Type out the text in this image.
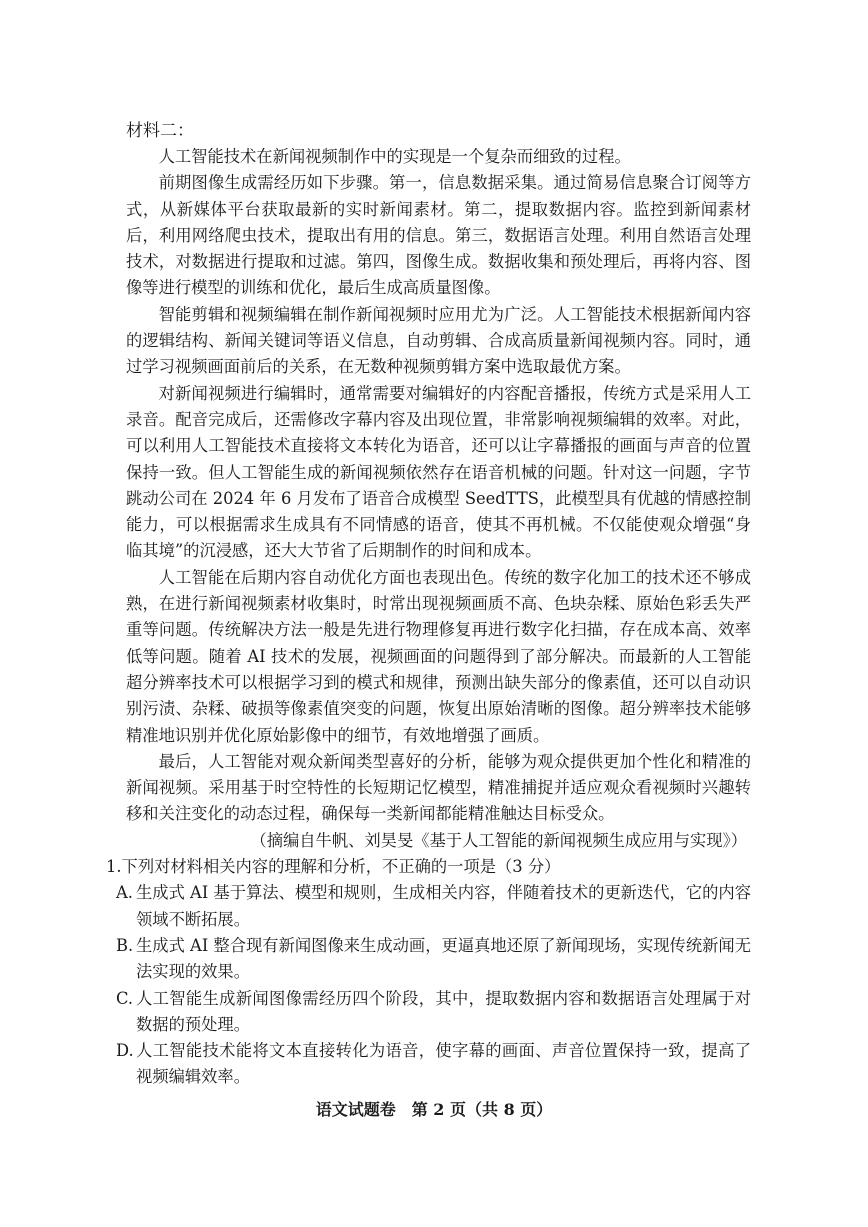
材料二：

人工智能技术在新闻视频制作中的实现是一个复杂而细致的过程。

前期图像生成需经历如下步骤。第一，信息数据采集。通过简易信息聚合订阅等方式，从新媒体平台获取最新的实时新闻素材。第二，提取数据内容。监控到新闻素材后，利用网络爬虫技术，提取出有用的信息。第三，数据语言处理。利用自然语言处理技术，对数据进行提取和过滤。第四，图像生成。数据收集和预处理后，再将内容、图像等进行模型的训练和优化，最后生成高质量图像。

智能剪辑和视频编辑在制作新闻视频时应用尤为广泛。人工智能技术根据新闻内容的逻辑结构、新闻关键词等语义信息，自动剪辑、合成高质量新闻视频内容。同时，通过学习视频画面前后的关系，在无数种视频剪辑方案中选取最优方案。

对新闻视频进行编辑时，通常需要对编辑好的内容配音播报，传统方式是采用人工录音。配音完成后，还需修改字幕内容及出现位置，非常影响视频编辑的效率。对此，可以利用人工智能技术直接将文本转化为语音，还可以让字幕播报的画面与声音的位置保持一致。但人工智能生成的新闻视频依然存在语音机械的问题。针对这一问题，字节跳动公司在 2024 年 6 月发布了语音合成模型 SeedTTS，此模型具有优越的情感控制能力，可以根据需求生成具有不同情感的语音，使其不再机械。不仅能使观众增强“身临其境”的沉浸感，还大大节省了后期制作的时间和成本。

人工智能在后期内容自动优化方面也表现出色。传统的数字化加工的技术还不够成熟，在进行新闻视频素材收集时，时常出现视频画质不高、色块杂糅、原始色彩丢失严重等问题。传统解决方法一般是先进行物理修复再进行数字化扫描，存在成本高、效率低等问题。随着 AI 技术的发展，视频画面的问题得到了部分解决。而最新的人工智能超分辨率技术可以根据学习到的模式和规律，预测出缺失部分的像素值，还可以自动识别污渍、杂糅、破损等像素值突变的问题，恢复出原始清晰的图像。超分辨率技术能够精准地识别并优化原始影像中的细节，有效地增强了画质。

最后，人工智能对观众新闻类型喜好的分析，能够为观众提供更加个性化和精准的新闻视频。采用基于时空特性的长短期记忆模型，精准捕捉并适应观众看视频时兴趣转移和关注变化的动态过程，确保每一类新闻都能精准触达目标受众。

（摘编自牛帆、刘昊旻《基于人工智能的新闻视频生成应用与实现》）

1.下列对材料相关内容的理解和分析，不正确的一项是（3 分）

A. 生成式 AI 基于算法、模型和规则，生成相关内容，伴随着技术的更新迭代，它的内容领域不断拓展。
B. 生成式 AI 整合现有新闻图像来生成动画，更逼真地还原了新闻现场，实现传统新闻无法实现的效果。
C. 人工智能生成新闻图像需经历四个阶段，其中，提取数据内容和数据语言处理属于对数据的预处理。
D. 人工智能技术能将文本直接转化为语音，使字幕的画面、声音位置保持一致，提高了视频编辑效率。
语文试题卷　第 2 页（共 8 页）
